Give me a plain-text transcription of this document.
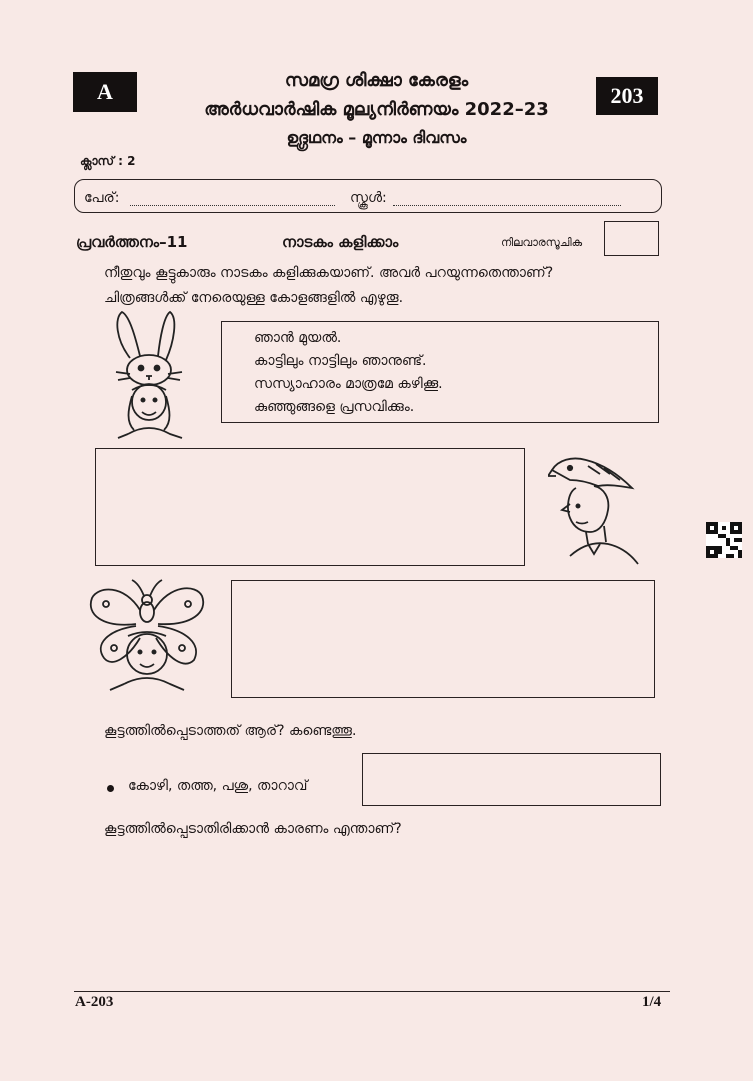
A	203
സമഗ്ര ശിക്ഷാ കേരളം
അർധവാർഷിക മൂല്യനിർണയം 2022–23
ഉദ്ഗ്രഥനം – മൂന്നാം ദിവസം
ക്ലാസ് : 2
പേര്:	സ്കൂൾ:
പ്രവർത്തനം–11	നാടകം കളിക്കാം	നിലവാരസൂചിക
നീതുവും കൂട്ടുകാരും നാടകം കളിക്കുകയാണ്. അവർ പറയുന്നതെന്താണ്?
ചിത്രങ്ങൾക്ക് നേരെയുള്ള കോളങ്ങളിൽ എഴുതൂ.
ഞാൻ മുയൽ.
കാട്ടിലും നാട്ടിലും ഞാനുണ്ട്.
സസ്യാഹാരം മാത്രമേ കഴിക്കൂ.
കുഞ്ഞുങ്ങളെ പ്രസവിക്കും.
കൂട്ടത്തിൽപ്പെടാത്തത് ആര്? കണ്ടെത്തൂ.
കോഴി, തത്ത, പശു, താറാവ്
കൂട്ടത്തിൽപ്പെടാതിരിക്കാൻ കാരണം എന്താണ്?
A-203	1/4
